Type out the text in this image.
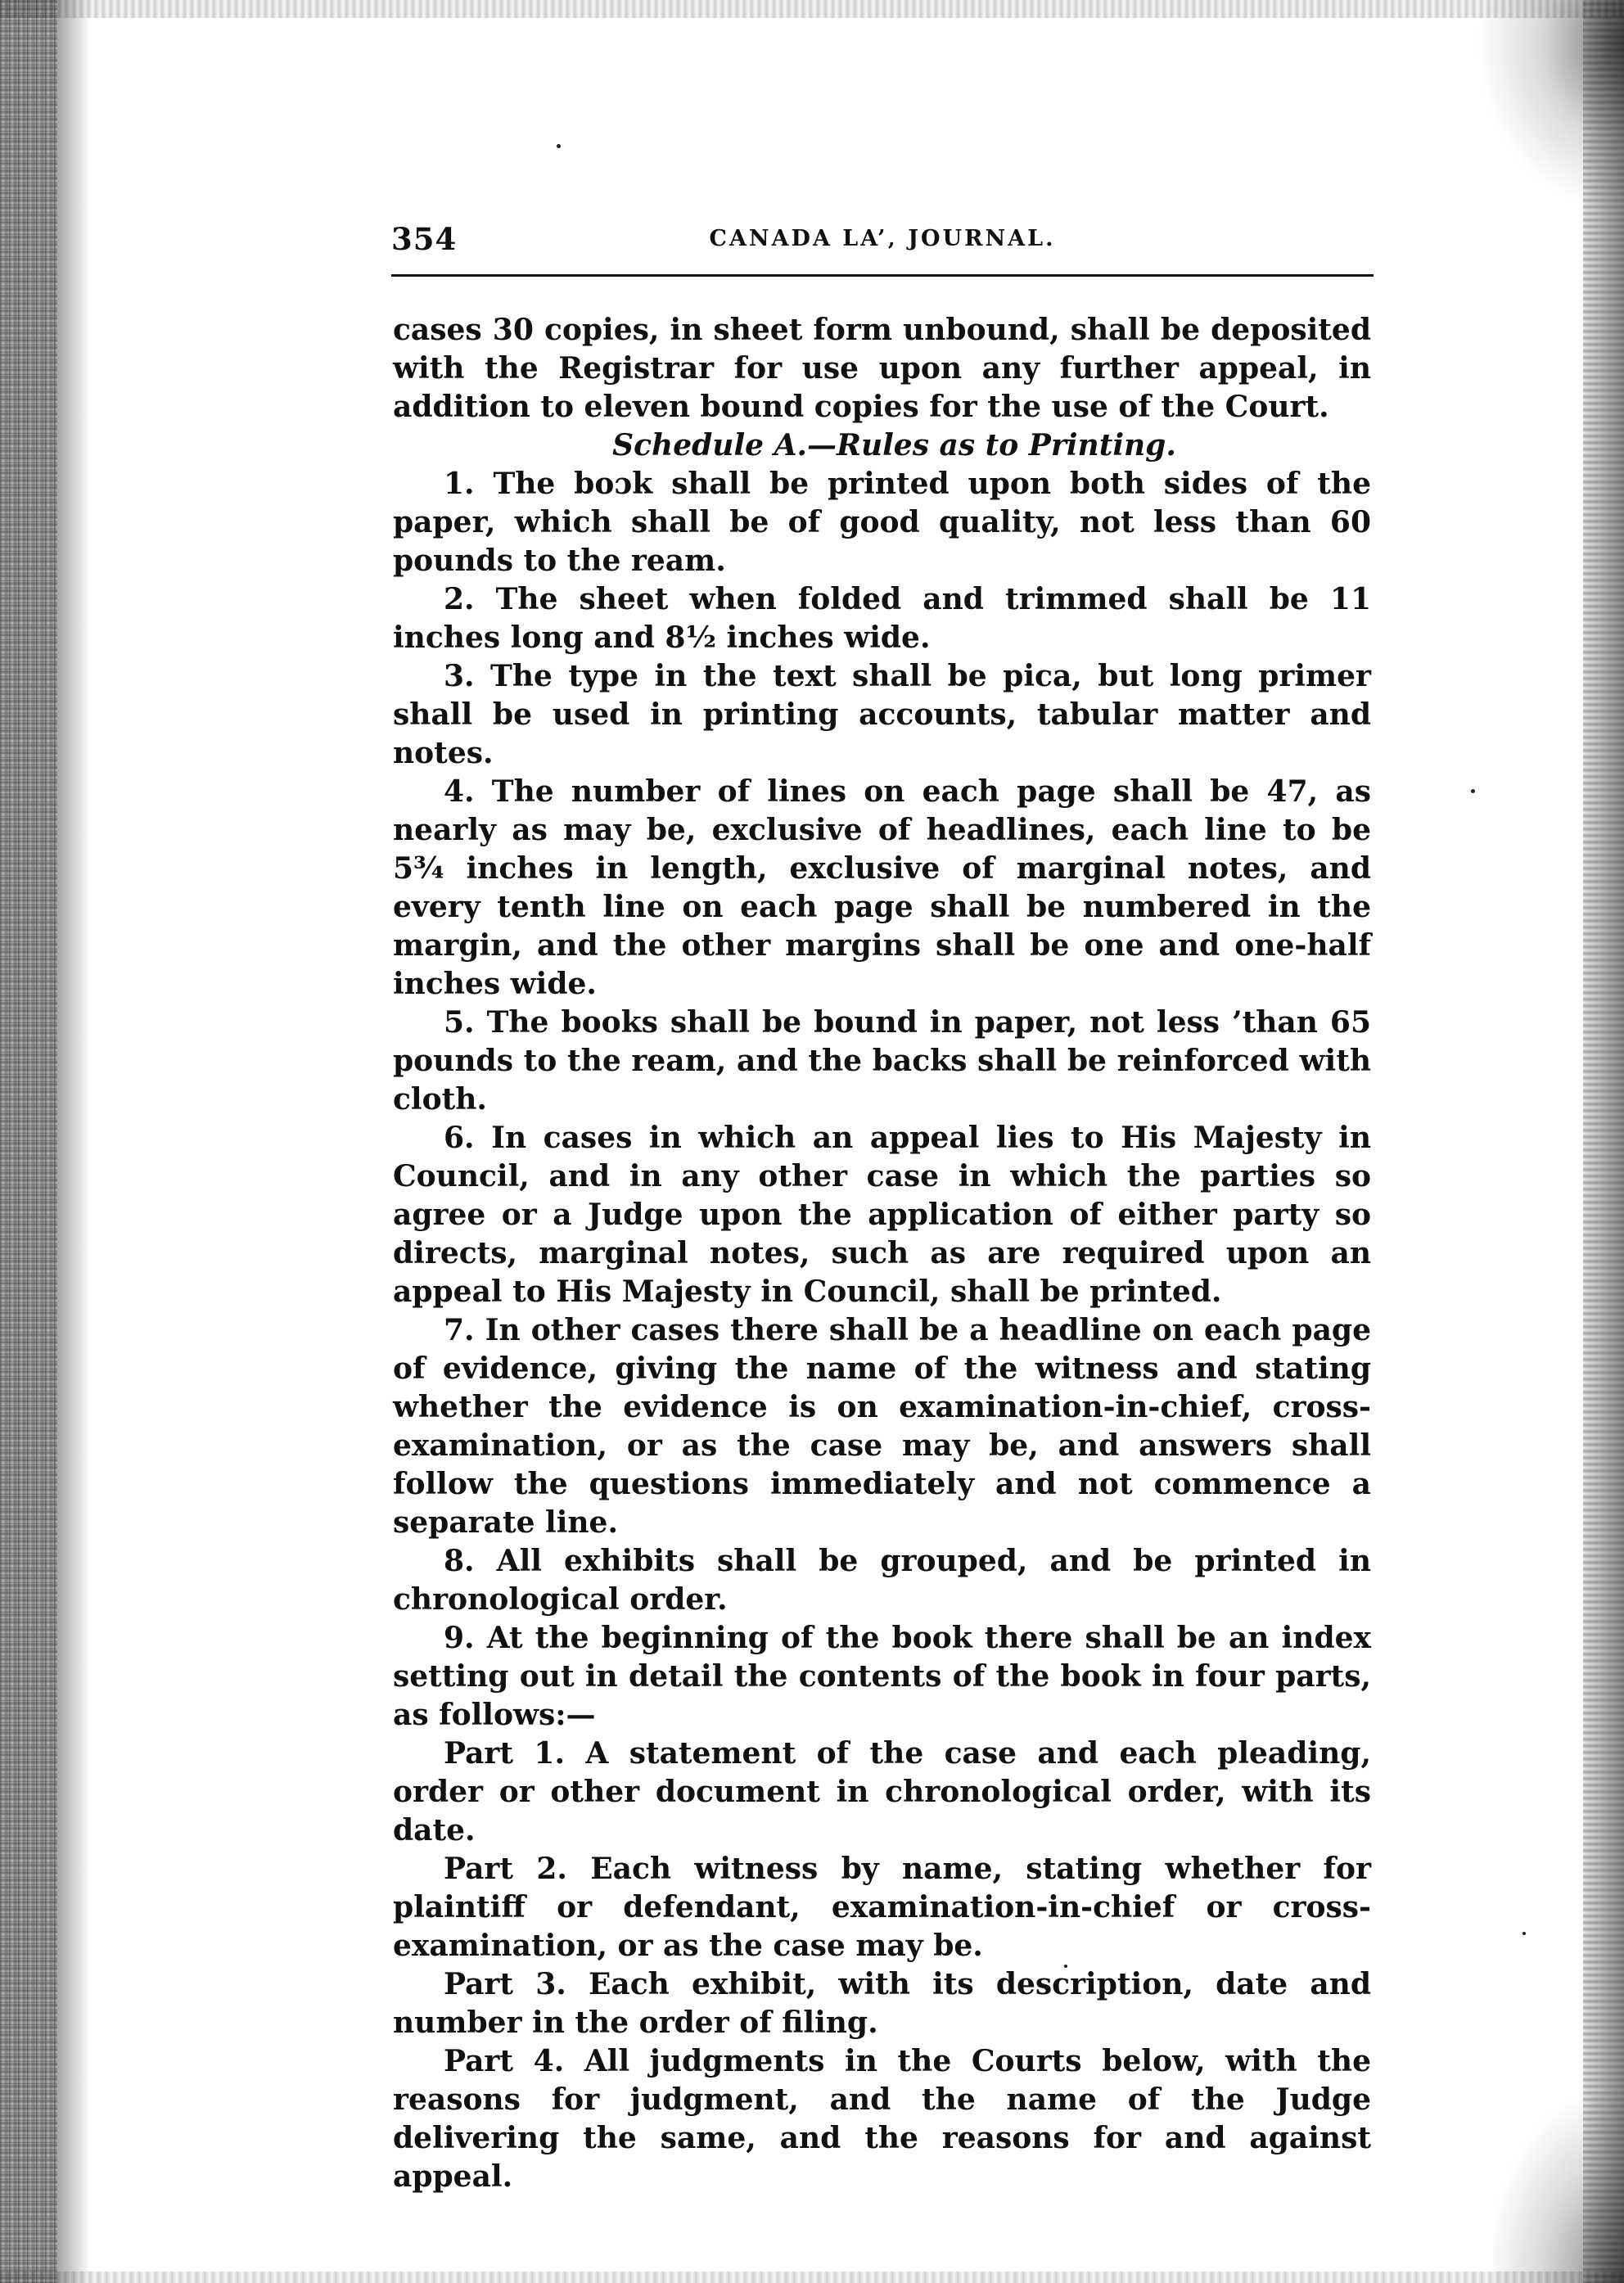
354	CANADA LA’‚ JOURNAL.

cases 30 copies, in sheet form unbound, shall be deposited with the Registrar for use upon any further appeal, in addition to eleven bound copies for the use of the Court.

Schedule A.—Rules as to Printing.

1. The boɔk shall be printed upon both sides of the paper, which shall be of good quality, not less than 60 pounds to the ream.

2. The sheet when folded and trimmed shall be 11 inches long and 8½ inches wide.

3. The type in the text shall be pica, but long primer shall be used in printing accounts, tabular matter and notes.

4. The number of lines on each page shall be 47, as nearly as may be, exclusive of headlines, each line to be 5¾ inches in length, exclusive of marginal notes, and every tenth line on each page shall be numbered in the margin, and the other margins shall be one and one-half inches wide.

5. The books shall be bound in paper, not less ’than 65 pounds to the ream, and the backs shall be reinforced with cloth.

6. In cases in which an appeal lies to His Majesty in Council, and in any other case in which the parties so agree or a Judge upon the application of either party so directs, marginal notes, such as are required upon an appeal to His Majesty in Council, shall be printed.

7. In other cases there shall be a headline on each page of evidence, giving the name of the witness and stating whether the evidence is on examination-in-chief, cross-examination, or as the case may be, and answers shall follow the questions immediately and not commence a separate line.

8. All exhibits shall be grouped, and be printed in chronological order.

9. At the beginning of the book there shall be an index setting out in detail the contents of the book in four parts, as follows:—

Part 1. A statement of the case and each pleading, order or other document in chronological order, with its date.

Part 2. Each witness by name, stating whether for plaintiff or defendant, examination-in-chief or cross-examination, or as the case may be.

Part 3. Each exhibit, with its description, date and number in the order of filing.

Part 4. All judgments in the Courts below, with the reasons for judgment, and the name of the Judge delivering the same, and the reasons for and against appeal.
